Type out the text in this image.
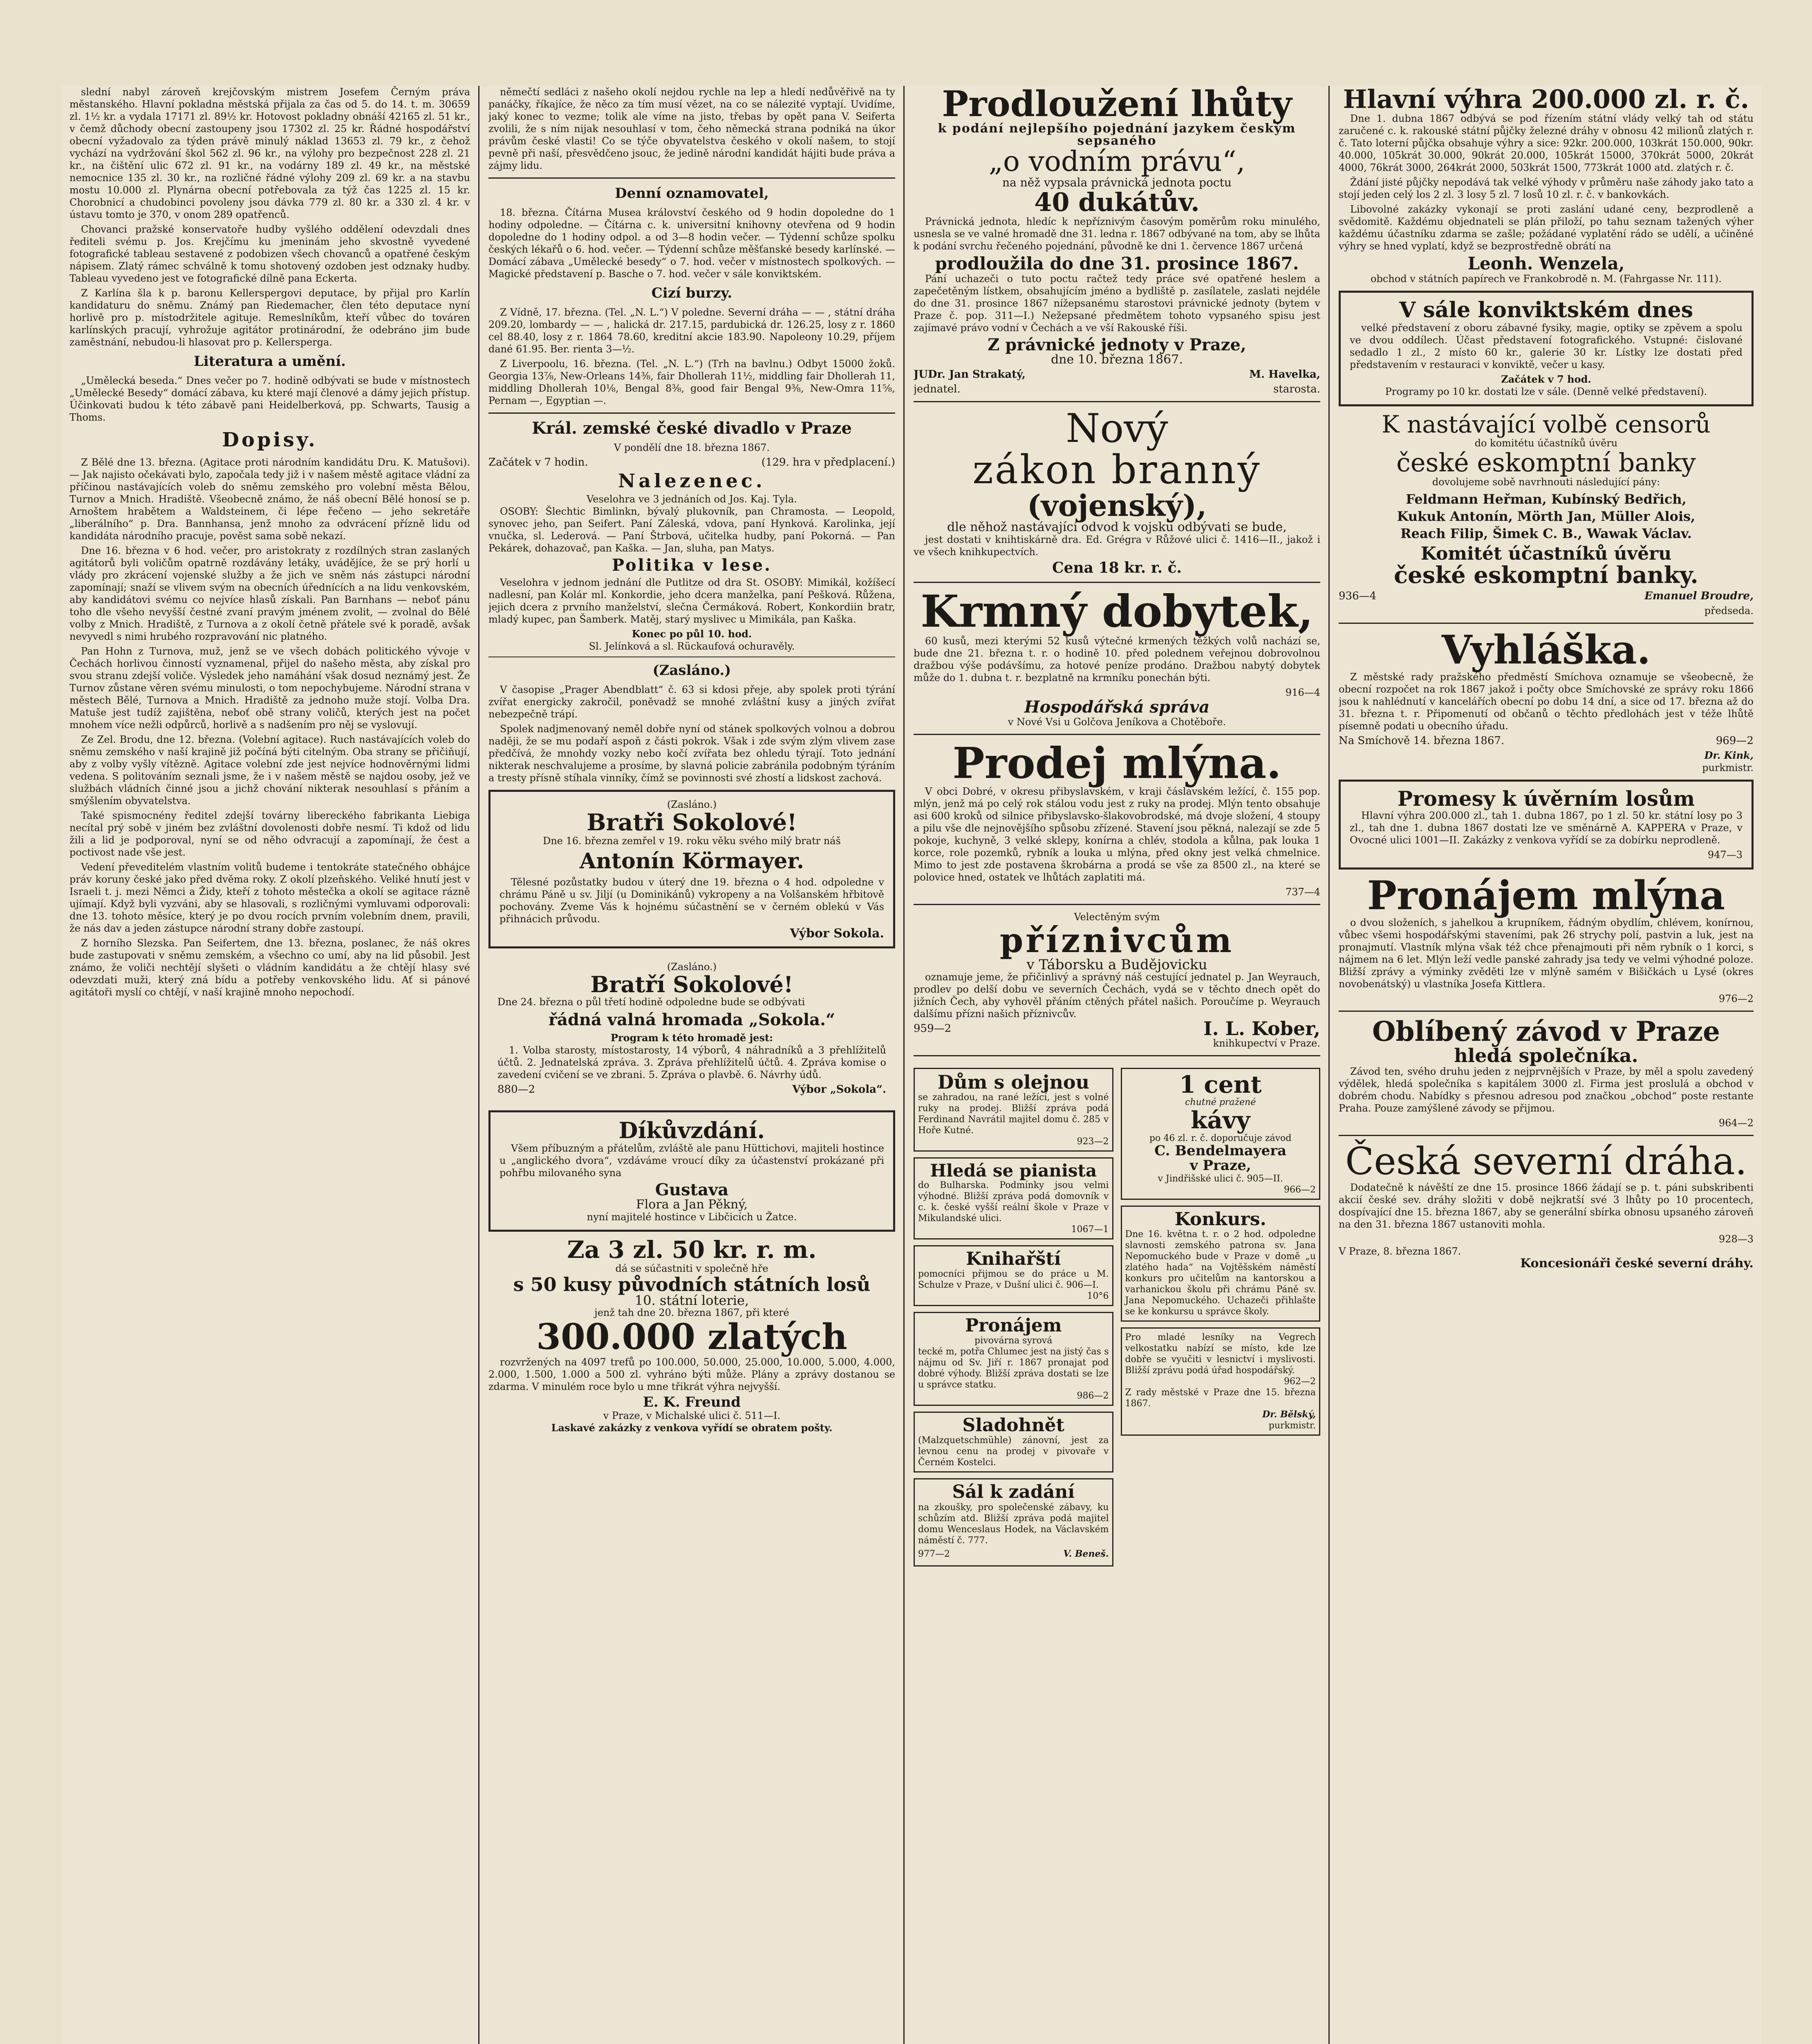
slední nabyl zároveň krejčovským mistrem Josefem Černým práva městanského. Hlavní pokladna městská přijala za čas od 5. do 14. t. m. 30659 zl. 1½ kr. a vydala 17171 zl. 89½ kr. Hotovost pokladny obnáší 42165 zl. 51 kr., v čemž důchody obecní zastoupeny jsou 17302 zl. 25 kr. Řádné hospodářství obecní vyžadovalo za týden právě minulý náklad 13653 zl. 79 kr., z čehož vychází na vydržování škol 562 zl. 96 kr., na výlohy pro bezpečnost 228 zl. 21 kr., na čištění ulic 672 zl. 91 kr., na vodárny 189 zl. 49 kr., na městské nemocnice 135 zl. 30 kr., na rozličné řádné výlohy 209 zl. 69 kr. a na stavbu mostu 10.000 zl. Plynárna obecní potřebovala za týž čas 1225 zl. 15 kr. Chorobnicí a chudobinci povoleny jsou dávka 779 zl. 80 kr. a 330 zl. 4 kr. v ústavu tomto je 370, v onom 289 opatřenců.

Chovanci pražské konservatoře hudby vyšlého oddělení odevzdali dnes řediteli svému p. Jos. Krejčímu ku jmeninám jeho skvostně vyvedené fotografické tableau sestavené z podobizen všech chovanců a opatřené českým nápisem. Zlatý rámec schválně k tomu shotovený ozdoben jest odznaky hudby. Tableau vyvedeno jest ve fotografické dílně pana Eckerta.

Z Karlína šla k p. baronu Kellerspergovi deputace, by přijal pro Karlín kandidaturu do sněmu. Známý pan Riedemacher, člen této deputace nyní horlivě pro p. místodržitele agituje. Remeslníkům, kteří vůbec do továren karlínských pracují, vyhrožuje agitátor protinárodní, že odebráno jim bude zaměstnání, nebudou-li hlasovat pro p. Kellersperga.

Literatura a umění.

„Umělecká beseda.“ Dnes večer po 7. hodině odbývati se bude v místnostech „Umělecké Besedy“ domácí zábava, ku které mají členové a dámy jejich přístup. Účinkovati budou k této zábavě pani Heidelberková, pp. Schwarts, Tausig a Thoms.

Dopisy.

Z Bělé dne 13. března. (Agitace proti národním kandidátu Dru. K. Matušovi). — Jak najisto očekávati bylo, započala tedy již i v našem městě agitace vládní za příčinou nastávajících voleb do sněmu zemského pro volební města Bělou, Turnov a Mnich. Hradiště. Všeobecně známo, že náš obecní Bělé honosí se p. Arnoštem hrabětem a Waldsteinem, či lépe řečeno — jeho sekretáře „liberálního“ p. Dra. Bannhansa, jenž mnoho za odvrácení přízně lidu od kandidáta národního pracuje, pověst sama sobě nekazí.

Dne 16. března v 6 hod. večer, pro aristokraty z rozdílných stran zaslaných agitátorů byli voličům opatrně rozdávány letáky, uvádějíce, že se prý horlí u vlády pro zkrácení vojenské služby a že jich ve sněm nás zástupci národní zapomínají; snaží se vlivem svým na obecních úřednících a na lidu venkovském, aby kandidátovi svému co nejvíce hlasů získali. Pan Barnhans — neboť pánu toho dle všeho nevyšší čestné zvaní pravým jménem zvolit, — zvolnal do Bělé volby z Mnich. Hradiště, z Turnova a z okolí četně přátele své k poradě, avšak nevyvedl s nimi hrubého rozpravování nic platného.

Pan Hohn z Turnova, muž, jenž se ve všech dobách politického vývoje v Čechách horlivou činností vyznamenal, přijel do našeho města, aby získal pro svou stranu zdejší voliče. Výsledek jeho namáhání však dosud neznámý jest. Že Turnov zůstane věren svému minulosti, o tom nepochybujeme. Národní strana v městech Bělé, Turnova a Mnich. Hradiště za jednoho muže stojí. Volba Dra. Matuše jest tudíž zajištěna, neboť obě strany voličů, kterých jest na počet mnohem více nežli odpůrců, horlivě a s nadšením pro něj se vyslovují.

Ze Zel. Brodu, dne 12. března. (Volební agitace). Ruch nastávajících voleb do sněmu zemského v naší krajině již počíná býti citelným. Oba strany se přičiňují, aby z volby vyšly vítězně. Agitace volební zde jest nejvíce hodnověrnými lidmi vedena. S politováním seznali jsme, že i v našem městě se najdou osoby, jež ve službách vládních činné jsou a jichž chování nikterak nesouhlasí s přáním a smýšlením obyvatelstva.

Také spismocnény ředitel zdejší továrny libereckého fabrikanta Liebiga necítal prý sobě v jiném bez zvláštní dovolenosti dobře nesmí. Ti kdož od lidu žili a lid je podporoval, nyní se od něho odvracují a zapomínají, že čest a poctivost nade vše jest.

Vedení převeditelém vlastním volitů budeme i tentokráte statečného obhájce práv koruny české jako před dvěma roky. Z okolí plzeňského. Veliké hnutí jest v Israeli t. j. mezi Němci a Židy, kteří z tohoto městečka a okolí se agitace rázně ujímají. Když byli vyzváni, aby se hlasovali, s rozličnými vymluvami odporovali: dne 13. tohoto měsíce, který je po dvou rocích prvním volebním dnem, pravili, že nás dav a jeden zástupce národní strany dobře zastoupí.

Z horního Slezska. Pan Seifertem, dne 13. března, poslanec, že náš okres bude zastupovati v sněmu zemském, a všechno co umí, aby na lid působil. Jest známo, že voliči nechtějí slyšeti o vládním kandidátu a že chtějí hlasy své odevzdati muži, který zná bídu a potřeby venkovského lidu. Ať si pánové agitátoři myslí co chtějí, v naší krajině mnoho nepochodí.

němečtí sedláci z našeho okolí nejdou rychle na lep a hledí nedůvěřivě na ty panáčky, říkajíce, že něco za tím musí vězet, na co se nálezité vyptají. Uvidíme, jaký konec to vezme; tolik ale víme na jisto, třebas by opět pana V. Seiferta zvolili, že s ním nijak nesouhlasí v tom, čeho německá strana podniká na úkor právům české vlasti! Co se týče obyvatelstva českého v okolí našem, to stojí pevně při naší, přesvědčeno jsouc, že jedině národní kandidát hájiti bude práva a zájmy lidu.

Denní oznamovatel,

18. března. Čítárna Musea království českého od 9 hodin dopoledne do 1 hodiny odpoledne. — Čítárna c. k. universitní knihovny otevřena od 9 hodin dopoledne do 1 hodiny odpol. a od 3—8 hodin večer. — Týdenní schůze spolku českých lékařů o 6. hod. večer. — Týdenní schůze měšťanské besedy karlínské. — Domácí zábava „Umělecké besedy“ o 7. hod. večer v místnostech spolkových. — Magické představení p. Basche o 7. hod. večer v sále konviktském.

Cizí burzy.

Z Vídně, 17. března. (Tel. „N. L.“) V poledne. Severní dráha — — , státní dráha 209.20, lombardy — — , halická dr. 217.15, pardubická dr. 126.25, losy z r. 1860 cel 88.40, losy z r. 1864 78.60, kreditní akcie 183.90. Napoleony 10.29, příjem dané 61.95. Ber. rienta 3—½.

Z Liverpoolu, 16. března. (Tel. „N. L.“) (Trh na bavlnu.) Odbyt 15000 žoků. Georgia 13⅞, New-Orleans 14⅜, fair Dhollerah 11½, middling fair Dhollerah 11, middling Dhollerah 10⅛, Bengal 8⅜, good fair Bengal 9⅜, New-Omra 11⅝, Pernam —, Egyptian —.

Král. zemské české divadlo v Praze
V pondělí dne 18. března 1867.
Začátek v 7 hodin.	(129. hra v předplacení.)
Nalezenec.
Veselohra ve 3 jednáních od Jos. Kaj. Tyla.

OSOBY: Šlechtic Bimlinkn, bývalý plukovník, pan Chramosta. — Leopold, synovec jeho, pan Seifert. Paní Záleská, vdova, paní Hynková. Karolinka, její vnučka, sl. Lederová. — Paní Štrbová, učitelka hudby, paní Pokorná. — Pan Pekárek, dohazovač, pan Kaška. — Jan, sluha, pan Matys.

Politika v lese.

Veselohra v jednom jednání dle Putlitze od dra St. OSOBY: Mimikál, kožíšecí nadlesní, pan Kolár ml. Konkordie, jeho dcera manželka, paní Pešková. Růžena, jejich dcera z prvního manželství, slečna Čermáková. Robert, Konkordiin bratr, mladý kupec, pan Šamberk. Matěj, starý myslivec u Mimikála, pan Kaška.

Konec po půl 10. hod.
Sl. Jelínková a sl. Rückaufová ochuravěly.
(Zasláno.)

V časopise „Prager Abendblatt“ č. 63 si kdosi přeje, aby spolek proti týrání zvířat energicky zakročil, poněvadž se mnohé zvláštní kusy a jiných zvířat nebezpečně trápí.

Spolek nadjmenovaný neměl dobře nyní od stánek spolkových volnou a dobrou naději, že se mu podaří aspoň z části pokrok. Však i zde svým zlým vlivem zase předčívá, že mnohdy vozky nebo kočí zvířata bez ohledu týrají. Toto jednání nikterak neschvalujeme a prosíme, by slavná policie zabránila podobným týráním a tresty přísně stíhala vinníky, čímž se povinnosti své zhostí a lidskost zachová.

(Zasláno.)
Bratři Sokolové!
Dne 16. března zemřel v 19. roku věku svého milý bratr náš
Antonín Körmayer.

Tělesné pozůstatky budou v úterý dne 19. března o 4 hod. odpoledne v chrámu Páně u sv. Jiljí (u Dominikánů) vykropeny a na Volšanském hřbitově pochovány. Zveme Vás k hojnému súčastnění se v černém oblekú v Vás přihnácich průvodu.

Výbor Sokola.
(Zasláno.)
Bratří Sokolové!
Dne 24. března o půl třetí hodině odpoledne bude se odbývati
řádná valná hromada „Sokola.“
Program k této hromadě jest:

1. Volba starosty, místostarosty, 14 výborů, 4 náhradníků a 3 přehlížitelů účtů. 2. Jednatelská zpráva. 3. Zpráva přehlížitelů účtů. 4. Zpráva komise o zavedení cvičení se ve zbrani. 5. Zpráva o plavbě. 6. Návrhy údů.

880—2	Výbor „Sokola“.
Díkůvzdání.

Všem příbuzným a přátelům, zvláště ale panu Hüttichovi, majiteli hostince u „anglického dvora“, vzdáváme vroucí díky za účastenství prokázané při pohřbu milovaného syna

Gustava
Flora a Jan Pěkný,
nyní majitelé hostince v Libčicích u Žatce.
Za 3 zl. 50 kr. r. m.
dá se súčastniti v společně hře
s 50 kusy původních státních losů
10. státní loterie,
jenž tah dne 20. března 1867, při které
300.000 zlatých

rozvržených na 4097 trefů po 100.000, 50.000, 25.000, 10.000, 5.000, 4.000, 2.000, 1.500, 1.000 a 500 zl. vyhráno býti může. Plány a zprávy dostanou se zdarma. V minulém roce bylo u mne třikrát výhra nejvyšší.

E. K. Freund
v Praze, v Michalské ulici č. 511—I.
Laskavé zakázky z venkova vyřídí se obratem pošty.
Prodloužení lhůty
k podání nejlepšího pojednání jazykem českým sepsaného
„o vodním právu“,
na něž vypsala právnická jednota poctu
40 dukátův.

Právnická jednota, hledíc k nepříznivým časovým poměrům roku minulého, usnesla se ve valné hromadě dne 31. ledna r. 1867 odbývané na tom, aby se lhůta k podání svrchu řečeného pojednání, původně ke dni 1. července 1867 určená

prodloužila do dne 31. prosince 1867.

Pání uchazeči o tuto poctu račtež tedy práce své opatřené heslem a zapečetěným lístkem, obsahujícím jméno a bydliště p. zasílatele, zaslati nejdéle do dne 31. prosince 1867 nížepsanému starostovi právnické jednoty (bytem v Praze č. pop. 311—I.) Nežepsané předmětem tohoto vypsaného spisu jest zajímavé právo vodní v Čechách a ve vší Rakouské říši.

Z právnické jednoty v Praze,
dne 10. března 1867.
JUDr. Jan Strakatý,	M. Havelka,
jednatel.	starosta.
Nový
zákon branný
(vojenský),
dle něhož nastávající odvod k vojsku odbývati se bude,

jest dostati v knihtiskárně dra. Ed. Grégra v Růžové ulici č. 1416—II., jakož i ve všech knihkupectvích.

Cena 18 kr. r. č.
Krmný dobytek,

60 kusů, mezi kterými 52 kusů výtečné krmených těžkých volů nachází se, bude dne 21. března t. r. o hodině 10. před polednem veřejnou dobrovolnou dražbou výše podávšímu, za hotové peníze prodáno. Dražbou nabytý dobytek může do 1. dubna t. r. bezplatně na krmníku ponechán býti.

916—4
Hospodářská správa
v Nové Vsi u Golčova Jeníkova a Chotěboře.
Prodej mlýna.

V obci Dobré, v okresu přibyslavském, v kraji čáslavském ležící, č. 155 pop. mlýn, jenž má po celý rok stálou vodu jest z ruky na prodej. Mlýn tento obsahuje asi 600 kroků od silnice přibyslavsko-šlakovobrodské, má dvoje složení, 4 stoupy a pilu vše dle nejnovějšího spůsobu zřízené. Stavení jsou pěkná, nalezají se zde 5 pokoje, kuchyně, 3 velké sklepy, konírna a chlév, stodola a kůlna, pak louka 1 korce, role pozemků, rybník a louka u mlýna, před okny jest velká chmelnice. Mimo to jest zde postavena škrobárna a prodá se vše za 8500 zl., na které se polovice hned, ostatek ve lhůtách zaplatiti má.

737—4
Velectěným svým
příznivcům
v Táborsku a Budějovicku

oznamuje jeme, že přičinlivý a správný náš cestující jednatel p. Jan Weyrauch, prodlev po delší dobu ve severních Čechách, vydá se v těchto dnech opět do jižních Čech, aby vyhověl přáním ctěných přátel našich. Poroučíme p. Weyrauch dalšímu přízni našich příznivcův.

959—2	I. L. Kober,
knihkupectví v Praze.
Dům s olejnou
se zahradou, na rané ležící, jest s volné ruky na prodej. Bližší zpráva podá Ferdinand Navrátil majitel domu č. 285 v Hoře Kutné.
923—2
Hledá se pianista
do Bulharska. Podmínky jsou velmi výhodné. Bližší zpráva podá domovník v c. k. české vyšší reální škole v Praze v Mikulandské ulici.
1067—1
Knihařští
pomocníci přijmou se do práce u M. Schulze v Praze, v Dušní ulici č. 906—I.
10°6
Pronájem
pivovárna syrová
tecké m, potřa Chlumec jest na jistý čas s nájmu od Sv. Jiří r. 1867 pronajat pod dobré výhody. Bližší zpráva dostati se lze u správce statku.
986—2
Sladohnět
(Malzquetschmühle) zánovní, jest za levnou cenu na prodej v pivovaře v Černém Kostelci.
Sál k zadání
na zkoušky, pro společenské zábavy, ku schůzím atd. Bližší zpráva podá majitel domu Wenceslaus Hodek, na Václavském náměstí č. 777.
977—2	V. Beneš.
1 cent
chutné pražené
kávy
po 46 zl. r. č. doporučuje závod
C. Bendelmayera
v Praze,
v Jindřišské ulici č. 905—II.
966—2
Konkurs.
Dne 16. května t. r. o 2 hod. odpoledne slavnosti zemského patrona sv. Jana Nepomuckého bude v Praze v domě „u zlatého hada“ na Vojtěšském náměstí konkurs pro učitelům na kantorskou a varhanickou školu při chrámu Páně sv. Jana Nepomuckého. Uchazeči přihlašte se ke konkursu u správce školy.
Pro mladé lesníky na Vegrech velkostatku nabízí se místo, kde lze dobře se vyučiti v lesnictví i myslivosti. Bližší zprávu podá úřad hospodářský.
962—2
Z rady městské v Praze dne 15. března 1867.
Dr. Bělský,
purkmistr.
Hlavní výhra 200.000 zl. r. č.

Dne 1. dubna 1867 odbývá se pod řízením státní vlády velký tah od státu zaručené c. k. rakouské státní půjčky železné dráhy v obnosu 42 milionů zlatých r. č. Tato loterní půjčka obsahuje výhry a sice: 92kr. 200.000, 103krát 150.000, 90kr. 40.000, 105krát 30.000, 90krát 20.000, 105krát 15000, 370krát 5000, 20krát 4000, 76krát 3000, 264krát 2000, 503krát 1500, 773krát 1000 atd. zlatých r. č.

Ždání jisté půjčky nepodává tak velké výhody v průměru naše záhody jako tato a stojí jeden celý los 2 zl. 3 losy 5 zl. 7 losů 10 zl. r. č. v bankovkách.

Libovolné zakázky vykonají se proti zaslání udané ceny, bezprodleně a svědomitě. Každému objednateli se plán přiloží, po tahu seznam tažených výher každému účastníku zdarma se zašle; požádané vyplatění rádo se udělí, a učiněné výhry se hned vyplatí, když se bezprostředně obrátí na

Leonh. Wenzela,
obchod v státních papírech ve Frankobrodě n. M. (Fahrgasse Nr. 111).
V sále konviktském dnes

velké představení z oboru zábavné fysiky, magie, optiky se zpěvem a spolu ve dvou oddílech. Účast představení fotografického. Vstupné: čislované sedadlo 1 zl., 2 místo 60 kr., galerie 30 kr. Lístky lze dostati před představením v restauraci v konviktě, večer u kasy.

Začátek v 7 hod.
Programy po 10 kr. dostati lze v sále. (Denně velké představení).
K nastávající volbě censorů
do komitétu účastníků úvěru
české eskomptní banky
dovolujeme sobě navrhnouti následující pány:
Feldmann Heřman, Kubínský Bedřich, Kukuk Antonín, Mörth Jan, Müller Alois, Reach Filip, Šimek C. B., Wawak Václav.
Komitét účastníků úvěru
české eskomptní banky.
936—4	Emanuel Broudre,
předseda.
Vyhláška.

Z městské rady pražského předměstí Smíchova oznamuje se všeobecně, že obecní rozpočet na rok 1867 jakož i počty obce Smíchovské ze správy roku 1866 jsou k nahlédnutí v kancelářích obecní po dobu 14 dní, a sice od 17. března až do 31. března t. r. Připomenutí od občanů o těchto předlohách jest v téže lhůtě písemně podati u obecního úřadu.

Na Smíchově 14. března 1867.	969—2
Dr. Kink,
purkmistr.
Promesy k úvěrním losům

Hlavní výhra 200.000 zl., tah 1. dubna 1867, po 1 zl. 50 kr. státní losy po 3 zl., tah dne 1. dubna 1867 dostati lze ve směnárně A. KAPPERA v Praze, v Ovocné ulici 1001—II. Zakázky z venkova vyřídí se za dobírku neprodleně.

947—3
Pronájem mlýna

o dvou složeních, s jahelkou a krupníkem, řádným obydlím, chlévem, konírnou, vůbec všemi hospodářskými staveními, pak 26 strychy polí, pastvin a luk, jest na pronajmutí. Vlastník mlýna však též chce přenajmouti při něm rybník o 1 korci, s nájmem na 6 let. Mlýn leží vedle panské zahrady jsa tedy ve velmi výhodné poloze. Bližší zprávy a výminky zvěděti lze v mlýně samém v Bišičkách u Lysé (okres novobenátský) u vlastníka Josefa Kittlera.

976—2
Oblíbený závod v Praze
hledá společníka.

Závod ten, svého druhu jeden z nejprvnějších v Praze, by měl a spolu zavedený výdělek, hledá společníka s kapitálem 3000 zl. Firma jest proslulá a obchod v dobrém chodu. Nabídky s přesnou adresou pod značkou „obchod“ poste restante Praha. Pouze zamýšlené závody se přijmou.

964—2
Česká severní dráha.

Dodatečně k návěští ze dne 15. prosince 1866 žádají se p. t. páni subskribenti akcií české sev. dráhy složiti v době nejkratší své 3 lhůty po 10 procentech, dospívající dne 15. března 1867, aby se generální sbírka obnosu upsaného zároveň na den 31. března 1867 ustanoviti mohla.

928—3
V Praze, 8. března 1867.
Koncesionáři české severní dráhy.
